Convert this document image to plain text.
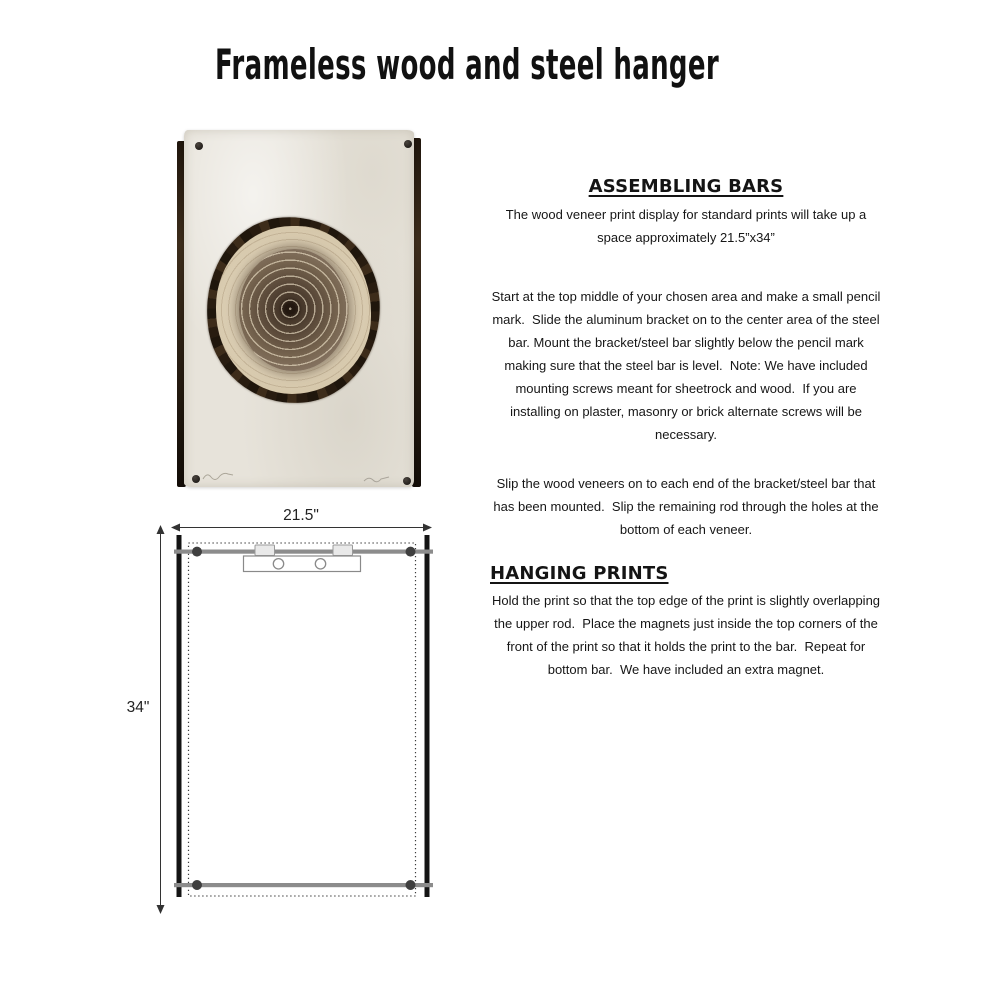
Frameless wood and steel hanger
21.5"
34"
ASSEMBLING BARS

The wood veneer print display for standard prints will take up a space approximately 21.5”x34”

Start at the top middle of your chosen area and make a small pencil mark.  Slide the aluminum bracket on to the center area of the steel bar. Mount the bracket/steel bar slightly below the pencil mark making sure that the steel bar is level.  Note: We have included mounting screws meant for sheetrock and wood.  If you are installing on plaster, masonry or brick alternate screws will be necessary.

Slip the wood veneers on to each end of the bracket/steel bar that has been mounted.  Slip the remaining rod through the holes at the bottom of each veneer.

HANGING PRINTS

Hold the print so that the top edge of the print is slightly overlapping the upper rod.  Place the magnets just inside the top corners of the front of the print so that it holds the print to the bar.  Repeat for bottom bar.  We have included an extra magnet.
